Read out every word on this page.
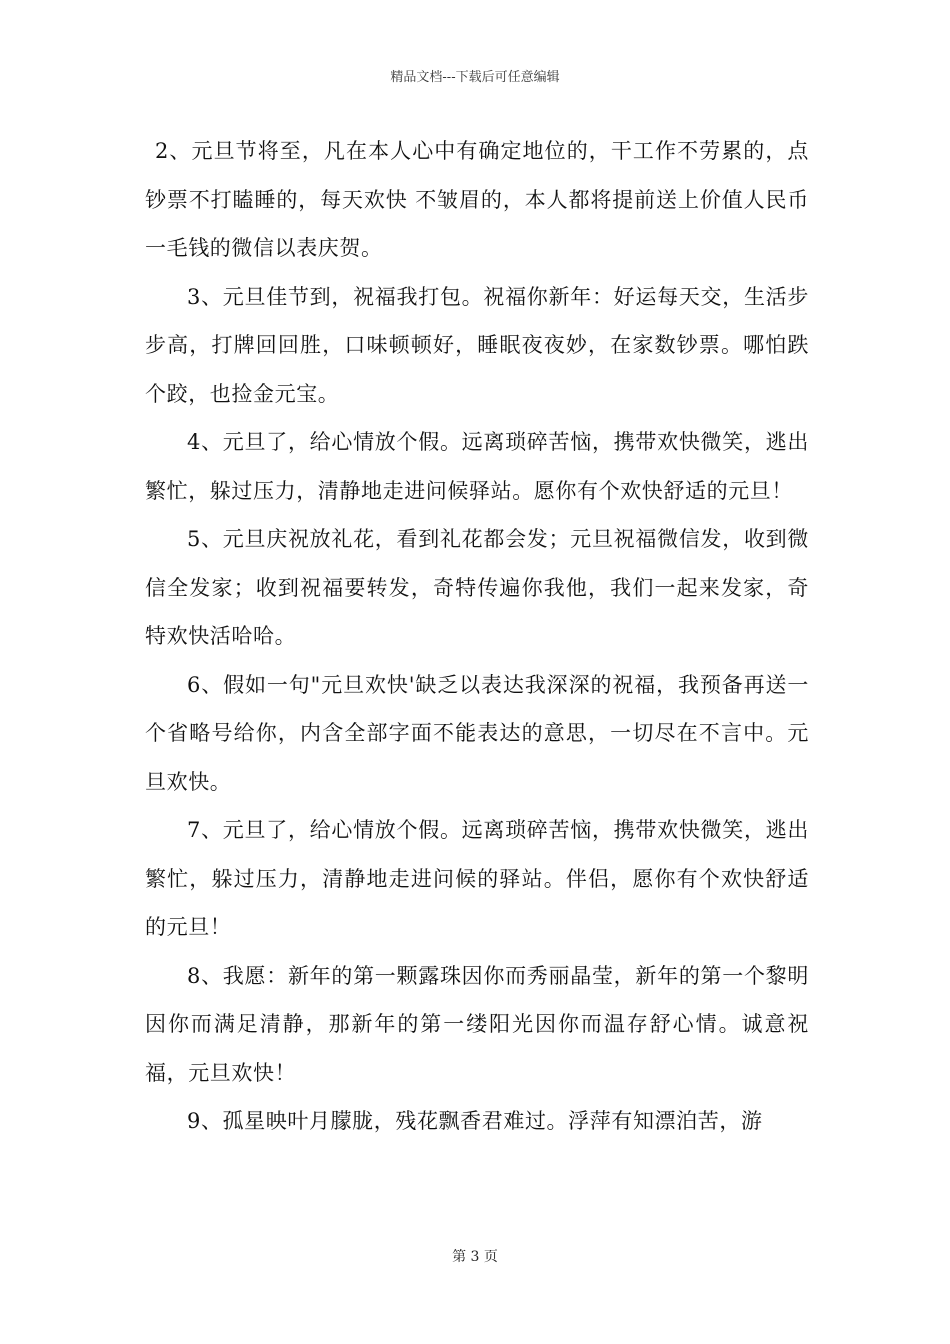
精品文档---下载后可任意编辑

2、元旦节将至，凡在本人心中有确定地位的，干工作不劳累的，点钞票不打瞌睡的，每天欢快 不皱眉的，本人都将提前送上价值人民币一毛钱的微信以表庆贺。

3、元旦佳节到，祝福我打包。祝福你新年：好运每天交，生活步步高，打牌回回胜，口味顿顿好，睡眠夜夜妙，在家数钞票。哪怕跌个跤，也捡金元宝。

4、元旦了，给心情放个假。远离琐碎苦恼，携带欢快微笑，逃出繁忙，躲过压力，清静地走进问候驿站。愿你有个欢快舒适的元旦！

5、元旦庆祝放礼花，看到礼花都会发；元旦祝福微信发，收到微信全发家；收到祝福要转发，奇特传遍你我他，我们一起来发家，奇特欢快活哈哈。

6、假如一句"元旦欢快'缺乏以表达我深深的祝福，我预备再送一个省略号给你，内含全部字面不能表达的意思，一切尽在不言中。元旦欢快。

7、元旦了，给心情放个假。远离琐碎苦恼，携带欢快微笑，逃出繁忙，躲过压力，清静地走进问候的驿站。伴侣，愿你有个欢快舒适的元旦！

8、我愿：新年的第一颗露珠因你而秀丽晶莹，新年的第一个黎明因你而满足清静，那新年的第一缕阳光因你而温存舒心情。诚意祝福，元旦欢快！

9、孤星映叶月朦胧，残花飘香君难过。浮萍有知漂泊苦，游

第 3 页
